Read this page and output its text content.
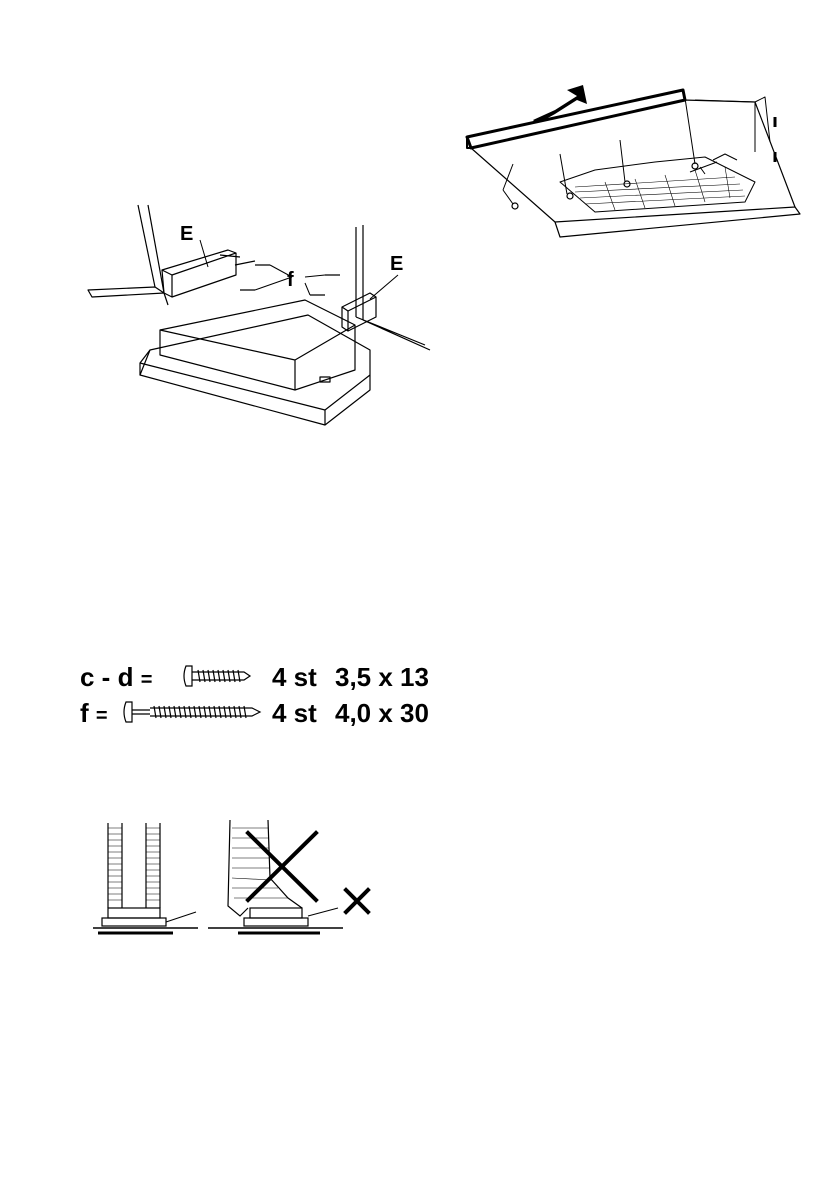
E
f
E
c - d =	4 st 3,5 x 13
f =	4 st 4,0 x 30
